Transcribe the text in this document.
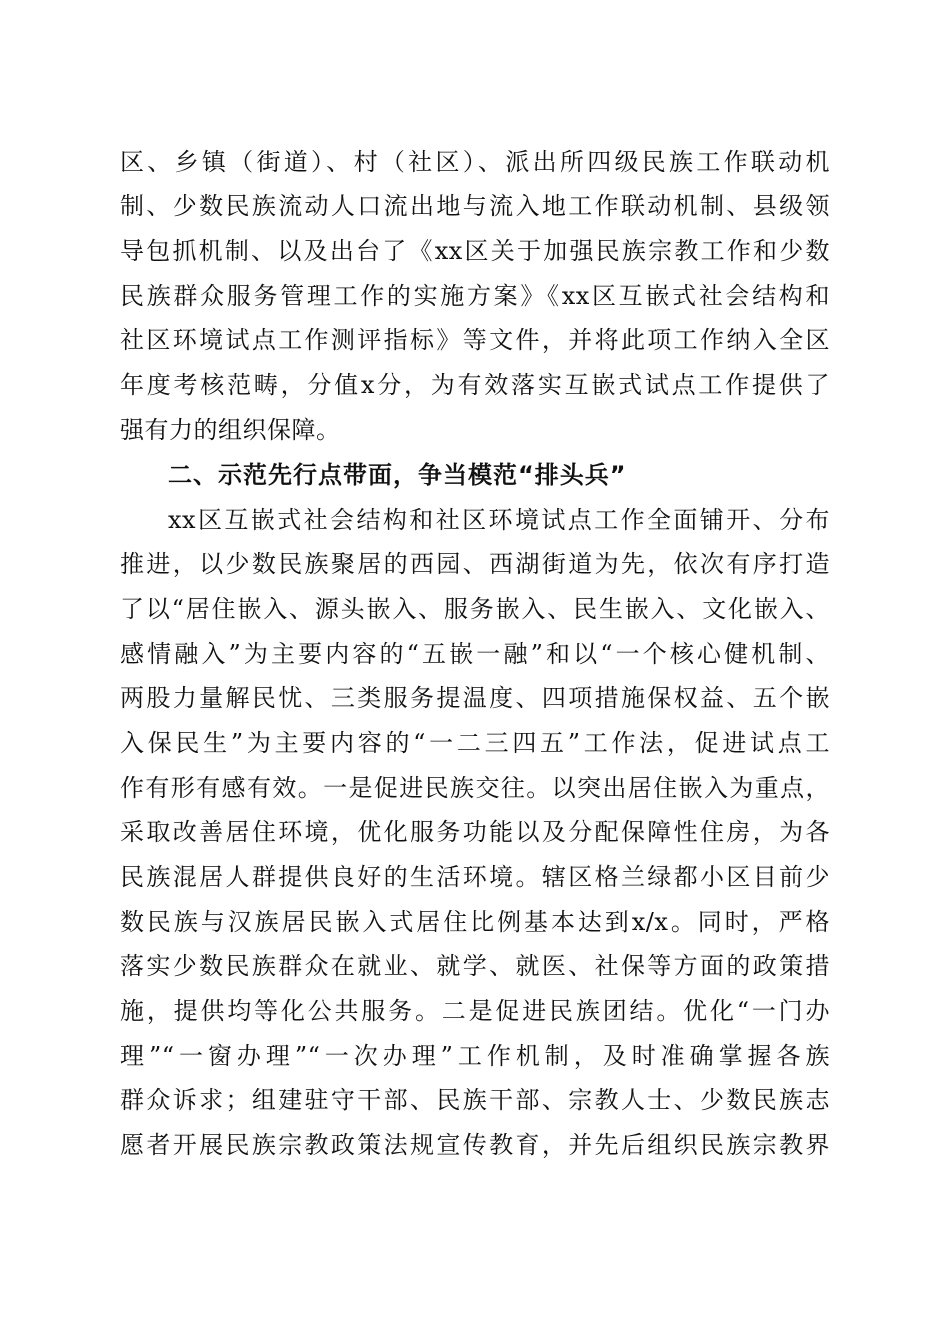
区、乡镇（街道）、村（社区）、派出所四级民族工作联动机
制、少数民族流动人口流出地与流入地工作联动机制、县级领
导包抓机制、以及出台了《xx区关于加强民族宗教工作和少数
民族群众服务管理工作的实施方案》《xx区互嵌式社会结构和
社区环境试点工作测评指标》等文件，并将此项工作纳入全区
年度考核范畴，分值x分，为有效落实互嵌式试点工作提供了
强有力的组织保障。
二、示范先行点带面，争当模范“排头兵”
xx区互嵌式社会结构和社区环境试点工作全面铺开、分布
推进，以少数民族聚居的西园、西湖街道为先，依次有序打造
了以“居住嵌入、源头嵌入、服务嵌入、民生嵌入、文化嵌入、
感情融入”为主要内容的“五嵌一融”和以“一个核心健机制、
两股力量解民忧、三类服务提温度、四项措施保权益、五个嵌
入保民生”为主要内容的“一二三四五”工作法，促进试点工
作有形有感有效。一是促进民族交往。以突出居住嵌入为重点，
采取改善居住环境，优化服务功能以及分配保障性住房，为各
民族混居人群提供良好的生活环境。辖区格兰绿都小区目前少
数民族与汉族居民嵌入式居住比例基本达到x/x。同时，严格
落实少数民族群众在就业、就学、就医、社保等方面的政策措
施，提供均等化公共服务。二是促进民族团结。优化“一门办
理”“一窗办理”“一次办理”工作机制，及时准确掌握各族
群众诉求；组建驻守干部、民族干部、宗教人士、少数民族志
愿者开展民族宗教政策法规宣传教育，并先后组织民族宗教界
